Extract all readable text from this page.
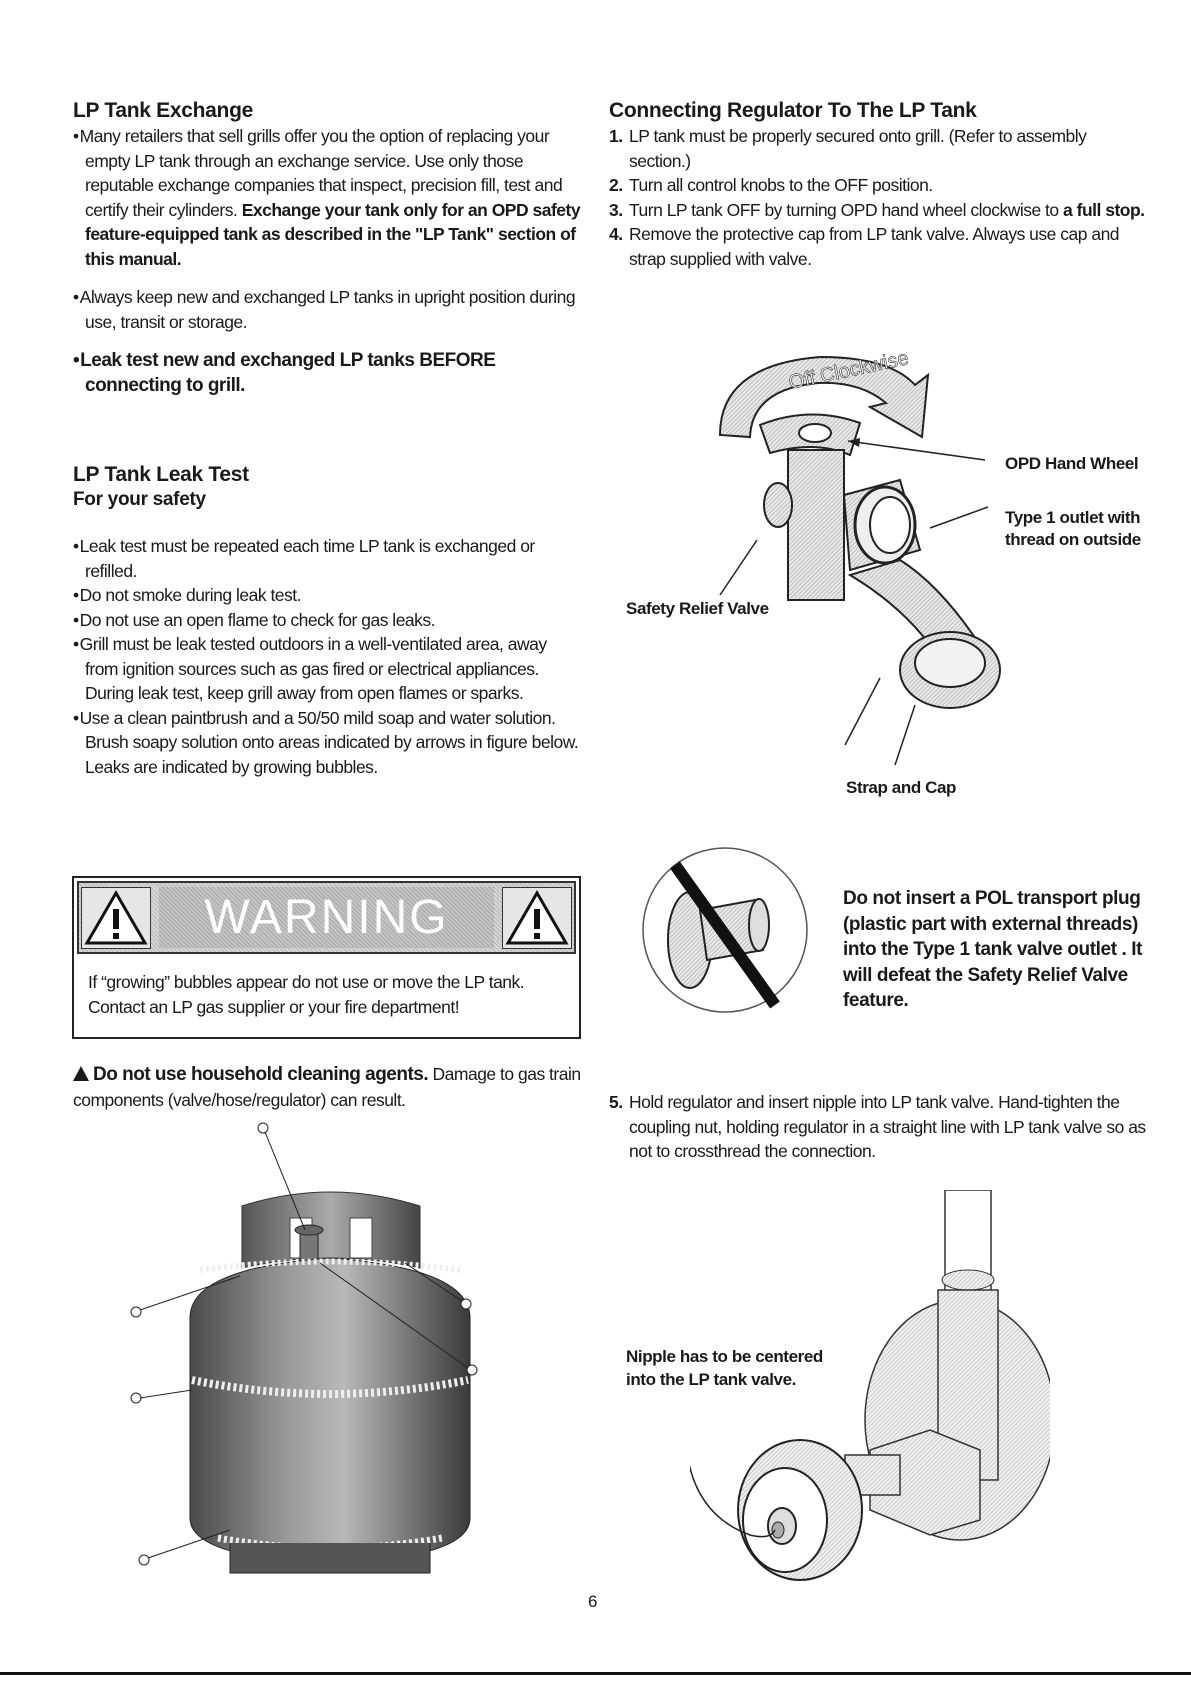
LP Tank Exchange
• Many retailers that sell grills offer you the option of replacing your empty LP tank through an exchange service. Use only those reputable exchange companies that inspect, precision fill, test and certify their cylinders. Exchange your tank only for an OPD safety feature-equipped tank as described in the "LP Tank" section of this manual.
• Always keep new and exchanged LP tanks in upright position during use, transit or storage.
• Leak test new and exchanged LP tanks BEFORE connecting to grill.
LP Tank Leak Test
For your safety
• Leak test must be repeated each time LP tank is exchanged or refilled.
• Do not smoke during leak test.
• Do not use an open flame to check for gas leaks.
• Grill must be leak tested outdoors in a well-ventilated area, away from ignition sources such as gas fired or electrical appliances. During leak test, keep grill away from open flames or sparks.
• Use a clean paintbrush and a 50/50 mild soap and water solution. Brush soapy solution onto areas indicated by arrows in figure below. Leaks are indicated by growing bubbles.
WARNING

If “growing” bubbles appear do not use or move the LP tank. Contact an LP gas supplier or your fire department!

Do not use household cleaning agents. Damage to gas train components (valve/hose/regulator) can result.

Connecting Regulator To The LP Tank
1. LP tank must be properly secured onto grill. (Refer to assembly section.)
2. Turn all control knobs to the OFF position.
3. Turn LP tank OFF by turning OPD hand wheel clockwise to a full stop.
4. Remove the protective cap from LP tank valve. Always use cap and strap supplied with valve.
Off Clockwise
OPD Hand Wheel
Type 1 outlet with
thread on outside
Safety Relief Valve
Strap and Cap

Do not insert a POL transport plug (plastic part with external threads) into the Type 1 tank valve outlet . It will defeat the Safety Relief Valve feature.

5. Hold regulator and insert nipple into LP tank valve. Hand-tighten the coupling nut, holding regulator in a straight line with LP tank valve so as not to crossthread the connection.
Nipple has to be centered
into the LP tank valve.
6
